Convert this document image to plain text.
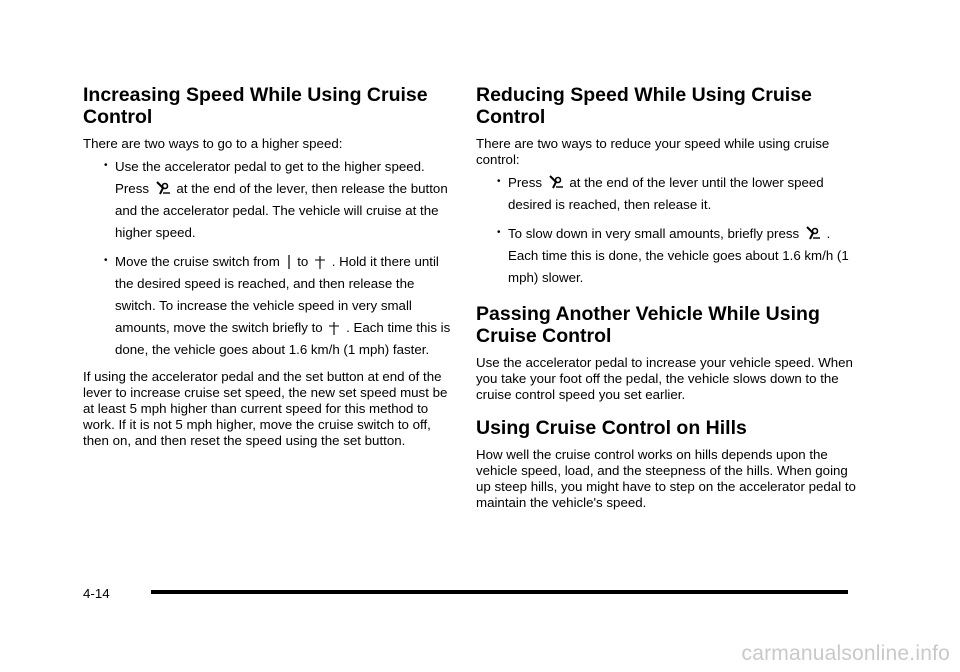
Increasing Speed While Using Cruise Control

There are two ways to go to a higher speed:

• Use the accelerator pedal to get to the higher speed. Press at the end of the lever, then release the button and the accelerator pedal. The vehicle will cruise at the higher speed.
• Move the cruise switch from to . Hold it there until the desired speed is reached, and then release the switch. To increase the vehicle speed in very small amounts, move the switch briefly to . Each time this is done, the vehicle goes about 1.6 km/h (1 mph) faster.

If using the accelerator pedal and the set button at end of the lever to increase cruise set speed, the new set speed must be at least 5 mph higher than current speed for this method to work. If it is not 5 mph higher, move the cruise switch to off, then on, and then reset the speed using the set button.

Reducing Speed While Using Cruise Control

There are two ways to reduce your speed while using cruise control:

• Press at the end of the lever until the lower speed desired is reached, then release it.
• To slow down in very small amounts, briefly press . Each time this is done, the vehicle goes about 1.6 km/h (1 mph) slower.
Passing Another Vehicle While Using Cruise Control

Use the accelerator pedal to increase your vehicle speed. When you take your foot off the pedal, the vehicle slows down to the cruise control speed you set earlier.

Using Cruise Control on Hills

How well the cruise control works on hills depends upon the vehicle speed, load, and the steepness of the hills. When going up steep hills, you might have to step on the accelerator pedal to maintain the vehicle's speed.

4-14
carmanualsonline.info
